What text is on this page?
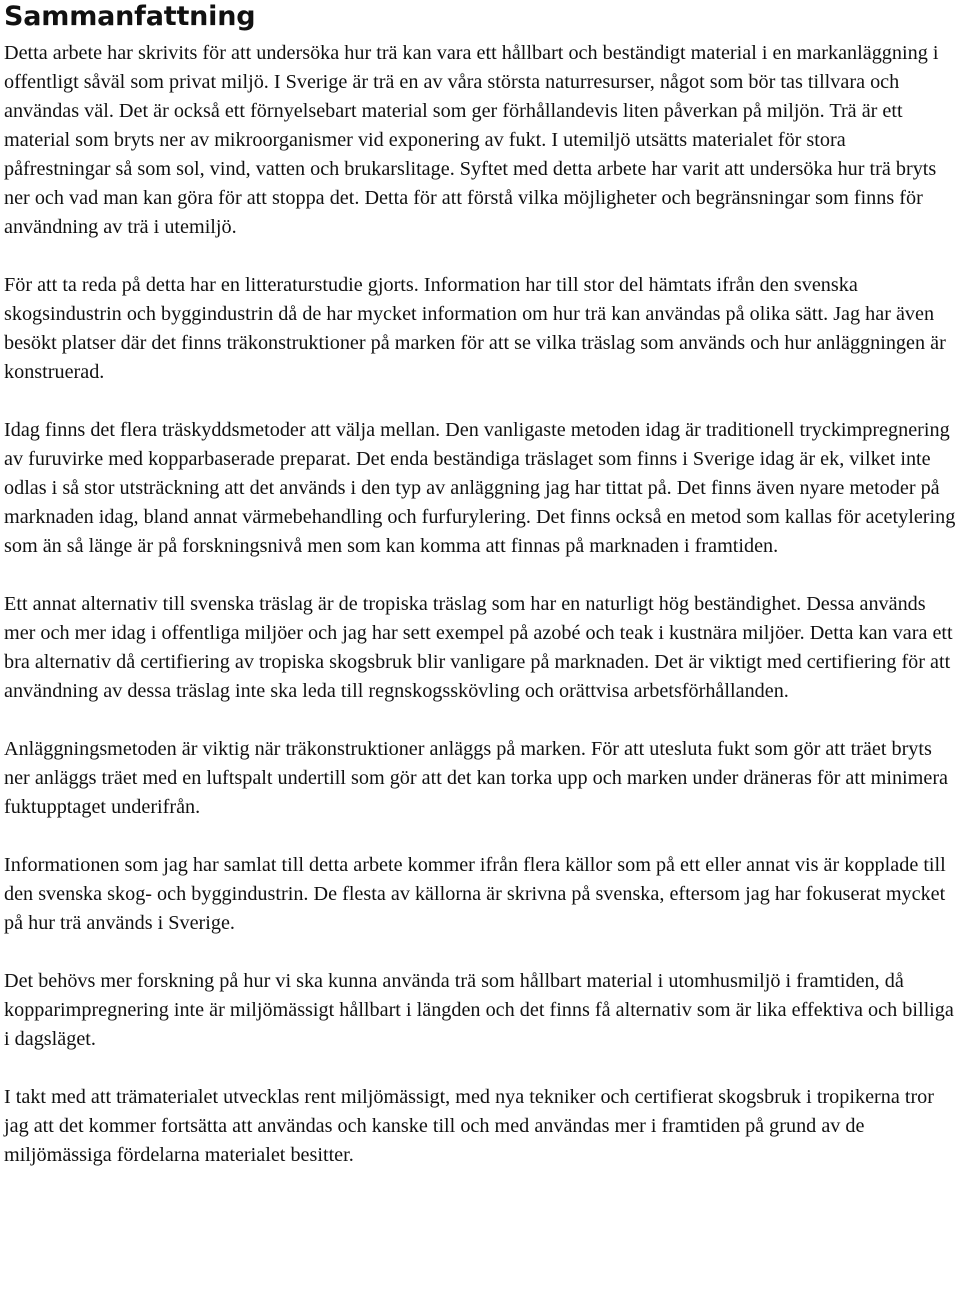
Sammanfattning

Detta arbete har skrivits för att undersöka hur trä kan vara ett hållbart och beständigt material i en markanläggning i offentligt såväl som privat miljö. I Sverige är trä en av våra största naturresurser, något som bör tas tillvara och användas väl. Det är också ett förnyelsebart material som ger förhållandevis liten påverkan på miljön. Trä är ett material som bryts ner av mikroorganismer vid exponering av fukt. I utemiljö utsätts materialet för stora påfrestningar så som sol, vind, vatten och brukarslitage. Syftet med detta arbete har varit att undersöka hur trä bryts ner och vad man kan göra för att stoppa det. Detta för att förstå vilka möjligheter och begränsningar som finns för användning av trä i utemiljö.

För att ta reda på detta har en litteraturstudie gjorts. Information har till stor del hämtats ifrån den svenska skogsindustrin och byggindustrin då de har mycket information om hur trä kan användas på olika sätt. Jag har även besökt platser där det finns träkonstruktioner på marken för att se vilka träslag som används och hur anläggningen är konstruerad.

Idag finns det flera träskyddsmetoder att välja mellan. Den vanligaste metoden idag är traditionell tryckimpregnering av furuvirke med kopparbaserade preparat. Det enda beständiga träslaget som finns i Sverige idag är ek, vilket inte odlas i så stor utsträckning att det används i den typ av anläggning jag har tittat på. Det finns även nyare metoder på marknaden idag, bland annat värmebehandling och furfurylering. Det finns också en metod som kallas för acetylering som än så länge är på forskningsnivå men som kan komma att finnas på marknaden i framtiden.

Ett annat alternativ till svenska träslag är de tropiska träslag som har en naturligt hög beständighet. Dessa används mer och mer idag i offentliga miljöer och jag har sett exempel på azobé och teak i kustnära miljöer. Detta kan vara ett bra alternativ då certifiering av tropiska skogsbruk blir vanligare på marknaden. Det är viktigt med certifiering för att användning av dessa träslag inte ska leda till regnskogsskövling och orättvisa arbetsförhållanden.

Anläggningsmetoden är viktig när träkonstruktioner anläggs på marken. För att utesluta fukt som gör att träet bryts ner anläggs träet med en luftspalt undertill som gör att det kan torka upp och marken under dräneras för att minimera fuktupptaget underifrån.

Informationen som jag har samlat till detta arbete kommer ifrån flera källor som på ett eller annat vis är kopplade till den svenska skog- och byggindustrin. De flesta av källorna är skrivna på svenska, eftersom jag har fokuserat mycket på hur trä används i Sverige.

Det behövs mer forskning på hur vi ska kunna använda trä som hållbart material i utomhusmiljö i framtiden, då kopparimpregnering inte är miljömässigt hållbart i längden och det finns få alternativ som är lika effektiva och billiga i dagsläget.

I takt med att trämaterialet utvecklas rent miljömässigt, med nya tekniker och certifierat skogsbruk i tropikerna tror jag att det kommer fortsätta att användas och kanske till och med användas mer i framtiden på grund av de miljömässiga fördelarna materialet besitter.
